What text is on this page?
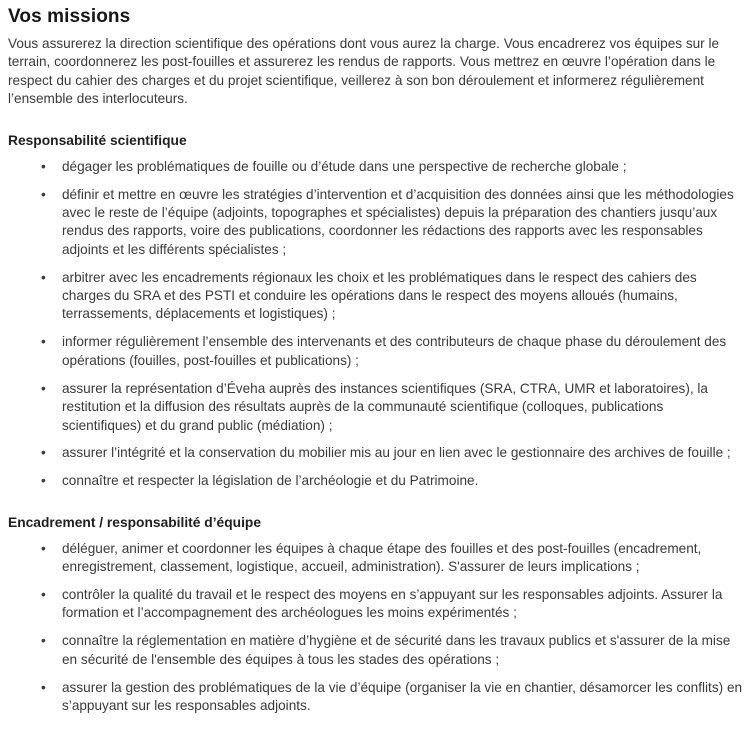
Vos missions

Vous assurerez la direction scientifique des opérations dont vous aurez la charge. Vous encadrerez vos équipes sur le terrain, coordonnerez les post-fouilles et assurerez les rendus de rapports. Vous mettrez en œuvre l’opération dans le respect du cahier des charges et du projet scientifique, veillerez à son bon déroulement et informerez régulièrement l’ensemble des interlocuteurs.

Responsabilité scientifique
• dégager les problématiques de fouille ou d’étude dans une perspective de recherche globale ;
• définir et mettre en œuvre les stratégies d’intervention et d’acquisition des données ainsi que les méthodologies avec le reste de l’équipe (adjoints, topographes et spécialistes) depuis la préparation des chantiers jusqu’aux rendus des rapports, voire des publications, coordonner les rédactions des rapports avec les responsables adjoints et les différents spécialistes ;
• arbitrer avec les encadrements régionaux les choix et les problématiques dans le respect des cahiers des charges du SRA et des PSTI et conduire les opérations dans le respect des moyens alloués (humains, terrassements, déplacements et logistiques) ;
• informer régulièrement l’ensemble des intervenants et des contributeurs de chaque phase du déroulement des opérations (fouilles, post-fouilles et publications) ;
• assurer la représentation d’Éveha auprès des instances scientifiques (SRA, CTRA, UMR et laboratoires), la restitution et la diffusion des résultats auprès de la communauté scientifique (colloques, publications scientifiques) et du grand public (médiation) ;
• assurer l’intégrité et la conservation du mobilier mis au jour en lien avec le gestionnaire des archives de fouille ;
• connaître et respecter la législation de l’archéologie et du Patrimoine.
Encadrement / responsabilité d’équipe
• déléguer, animer et coordonner les équipes à chaque étape des fouilles et des post-fouilles (encadrement, enregistrement, classement, logistique, accueil, administration). S'assurer de leurs implications ;
• contrôler la qualité du travail et le respect des moyens en s’appuyant sur les responsables adjoints. Assurer la formation et l’accompagnement des archéologues les moins expérimentés ;
• connaître la réglementation en matière d’hygiène et de sécurité dans les travaux publics et s'assurer de la mise en sécurité de l'ensemble des équipes à tous les stades des opérations ;
• assurer la gestion des problématiques de la vie d’équipe (organiser la vie en chantier, désamorcer les conflits) en s’appuyant sur les responsables adjoints.
